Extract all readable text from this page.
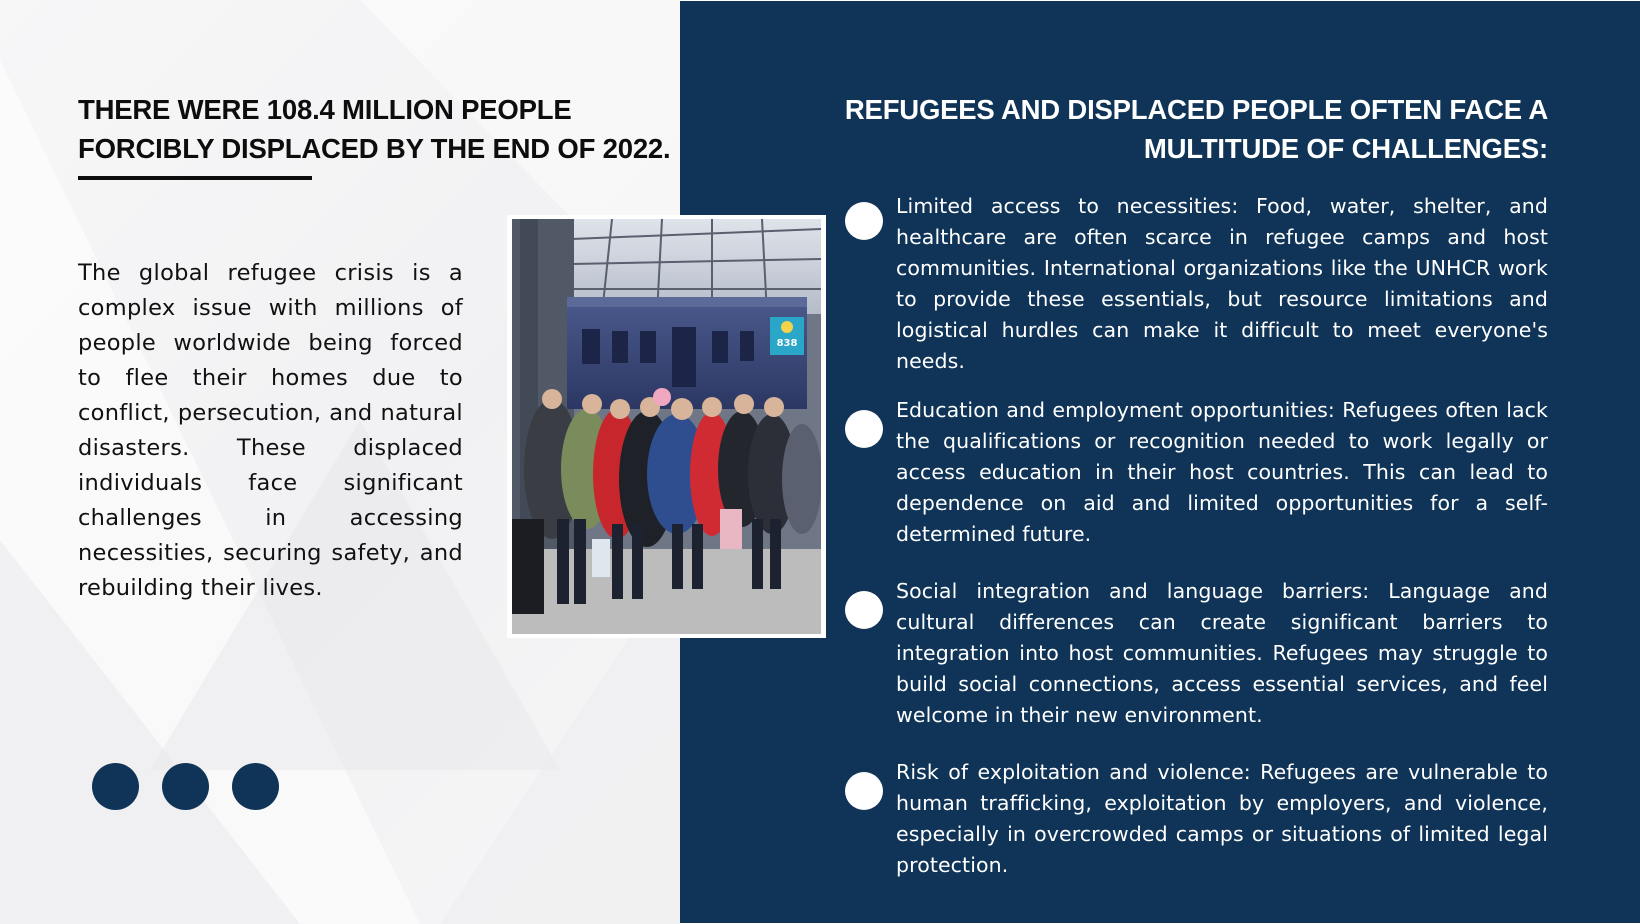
THERE WERE 108.4 MILLION PEOPLE FORCIBLY DISPLACED BY THE END OF 2022.

The global refugee crisis is a complex issue with millions of people worldwide being forced to flee their homes due to conflict, persecution, and natural disasters. These displaced individuals face significant challenges in accessing necessities, securing safety, and rebuilding their lives.

838
REFUGEES AND DISPLACED PEOPLE OFTEN FACE A MULTITUDE OF CHALLENGES:

Limited access to necessities: Food, water, shelter, and healthcare are often scarce in refugee camps and host communities. International organizations like the UNHCR work to provide these essentials, but resource limitations and logistical hurdles can make it difficult to meet everyone's needs.

Education and employment opportunities: Refugees often lack the qualifications or recognition needed to work legally or access education in their host countries. This can lead to dependence on aid and limited opportunities for a self-determined future.

Social integration and language barriers: Language and cultural differences can create significant barriers to integration into host communities. Refugees may struggle to build social connections, access essential services, and feel welcome in their new environment.

Risk of exploitation and violence: Refugees are vulnerable to human trafficking, exploitation by employers, and violence, especially in overcrowded camps or situations of limited legal protection.
